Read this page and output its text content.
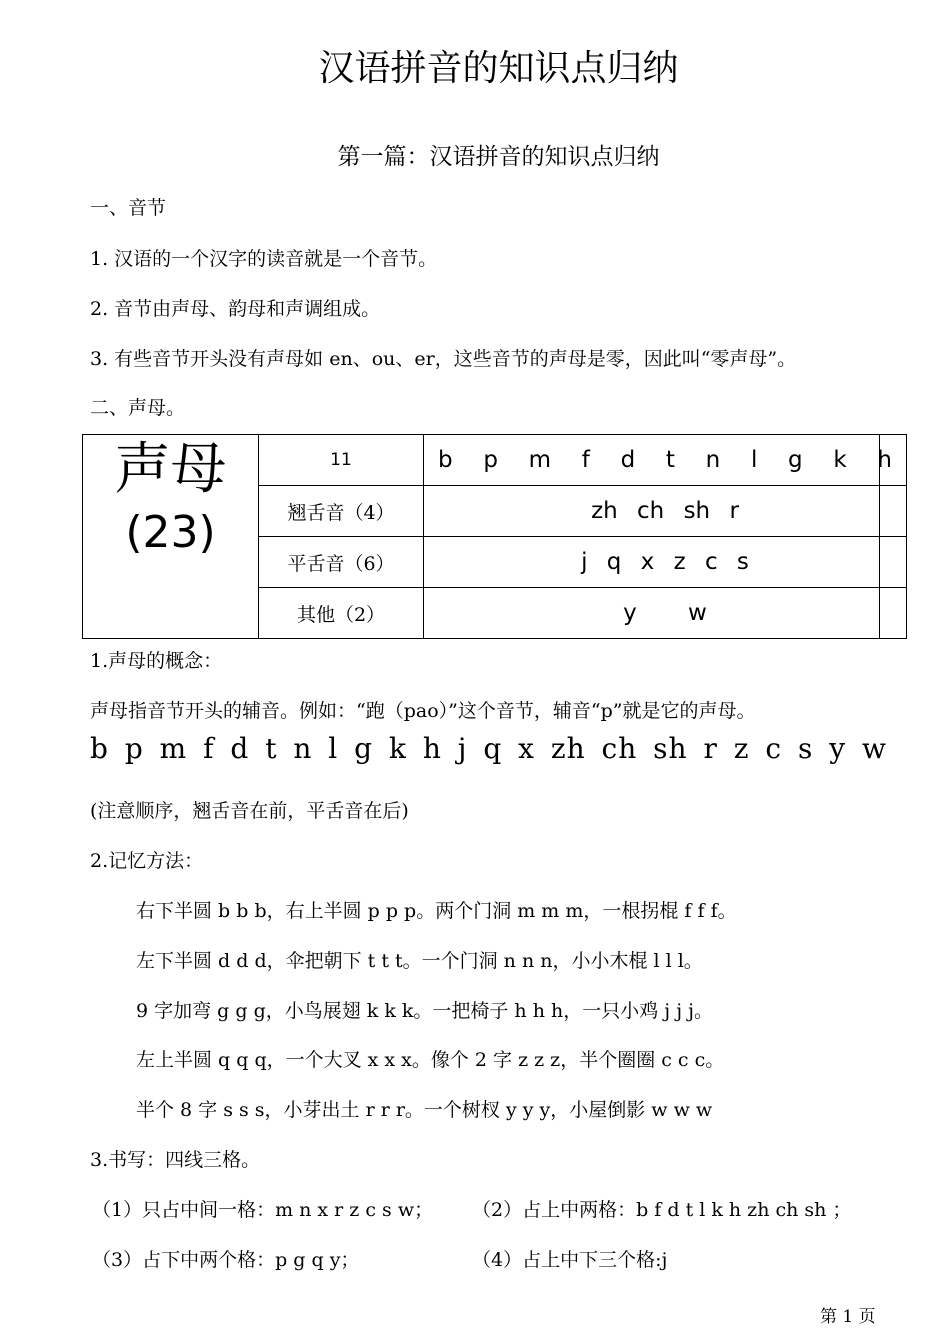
汉语拼音的知识点归纳
第一篇：汉语拼音的知识点归纳
一、音节
1. 汉语的一个汉字的读音就是一个音节。
2. 音节由声母、韵母和声调组成。
3. 有些音节开头没有声母如 en、ou、er，这些音节的声母是零，因此叫“零声母”。
二、声母。
声母
(23)	11	b p m f d t n l g k h
	翘舌音（4）	zh ch sh r
	平舌音（6）	j q x z c s
	其他（2）	y w
1.声母的概念：
声母指音节开头的辅音。例如：“跑（pao）”这个音节，辅音“p”就是它的声母。
b p m f d t n l g k h j q x zh ch sh r z c s y w
(注意顺序，翘舌音在前，平舌音在后)
2.记忆方法：
右下半圆 b b b，右上半圆 p p p。两个门洞 m m m，一根拐棍 f f f。
左下半圆 d d d，伞把朝下 t t t。一个门洞 n n n，小小木棍 l l l。
9 字加弯 g g g，小鸟展翅 k k k。一把椅子 h h h，一只小鸡 j j j。
左上半圆 q q q，一个大叉 x x x。像个 2 字 z z z，半个圈圈 c c c。
半个 8 字 s s s，小芽出土 r r r。一个树杈 y y y，小屋倒影 w w w
3.书写：四线三格。
（1）只占中间一格：m n x r z c s w； （2）占上中两格：b f d t l k h zh ch sh ；
（3）占下中两个格：p g q y；	（4）占上中下三个格:j
第 1 页
